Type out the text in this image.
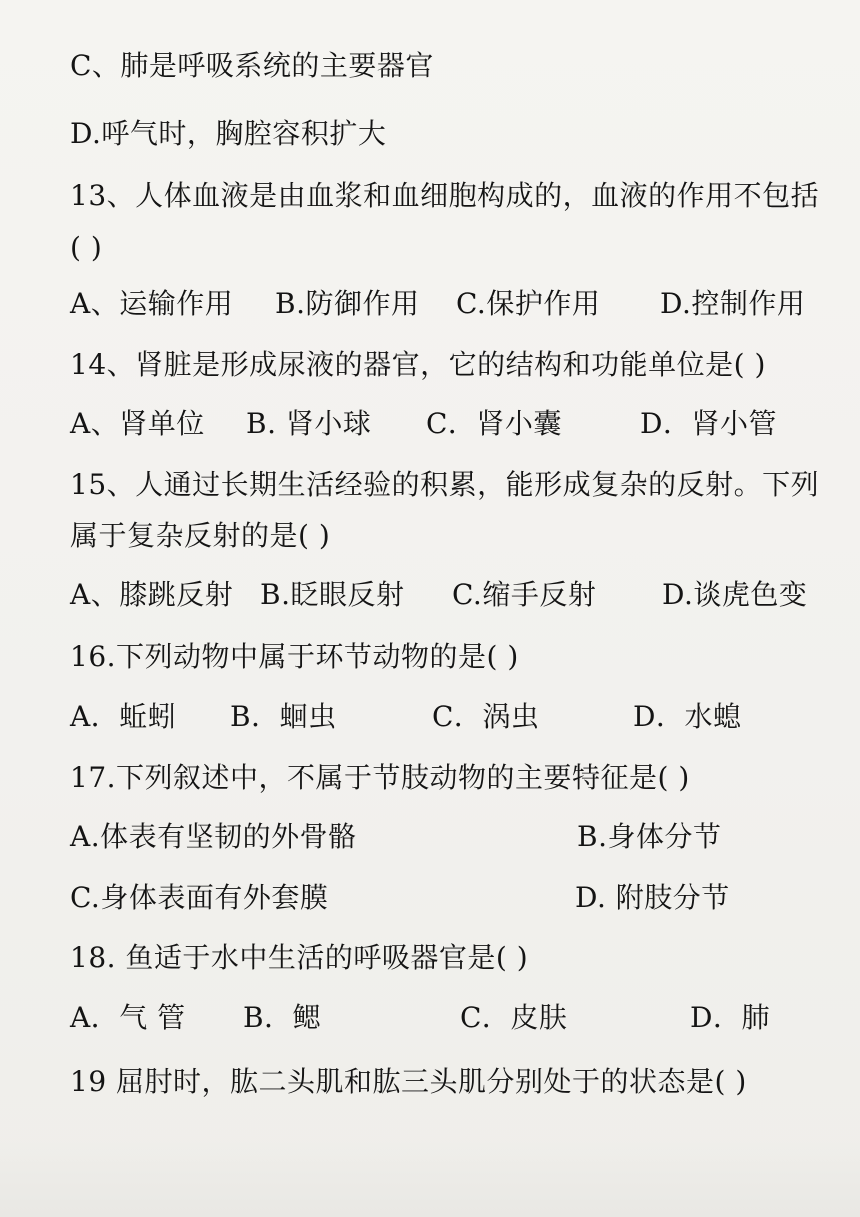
C、肺是呼吸系统的主要器官
D.呼气时，胸腔容积扩大
13、人体血液是由血浆和血细胞构成的，血液的作用不包括
( )
A、运输作用 B.防御作用 C.保护作用 D.控制作用
14、肾脏是形成尿液的器官，它的结构和功能单位是( )
A、肾单位 B. 肾小球 C．肾小囊	D．肾小管
15、人通过长期生活经验的积累，能形成复杂的反射。下列
属于复杂反射的是( )
A、膝跳反射 B.眨眼反射 C.缩手反射 D.谈虎色变
16.下列动物中属于环节动物的是( )
A．蚯蚓 B．蛔虫	C．涡虫	D．水螅
17.下列叙述中，不属于节肢动物的主要特征是( )
A.体表有坚韧的外骨骼	B.身体分节
C.身体表面有外套膜	D. 附肢分节
18. 鱼适于水中生活的呼吸器官是( )
A．气 管 B．鳃	C．皮肤	D．肺
19 屈肘时，肱二头肌和肱三头肌分别处于的状态是( )
